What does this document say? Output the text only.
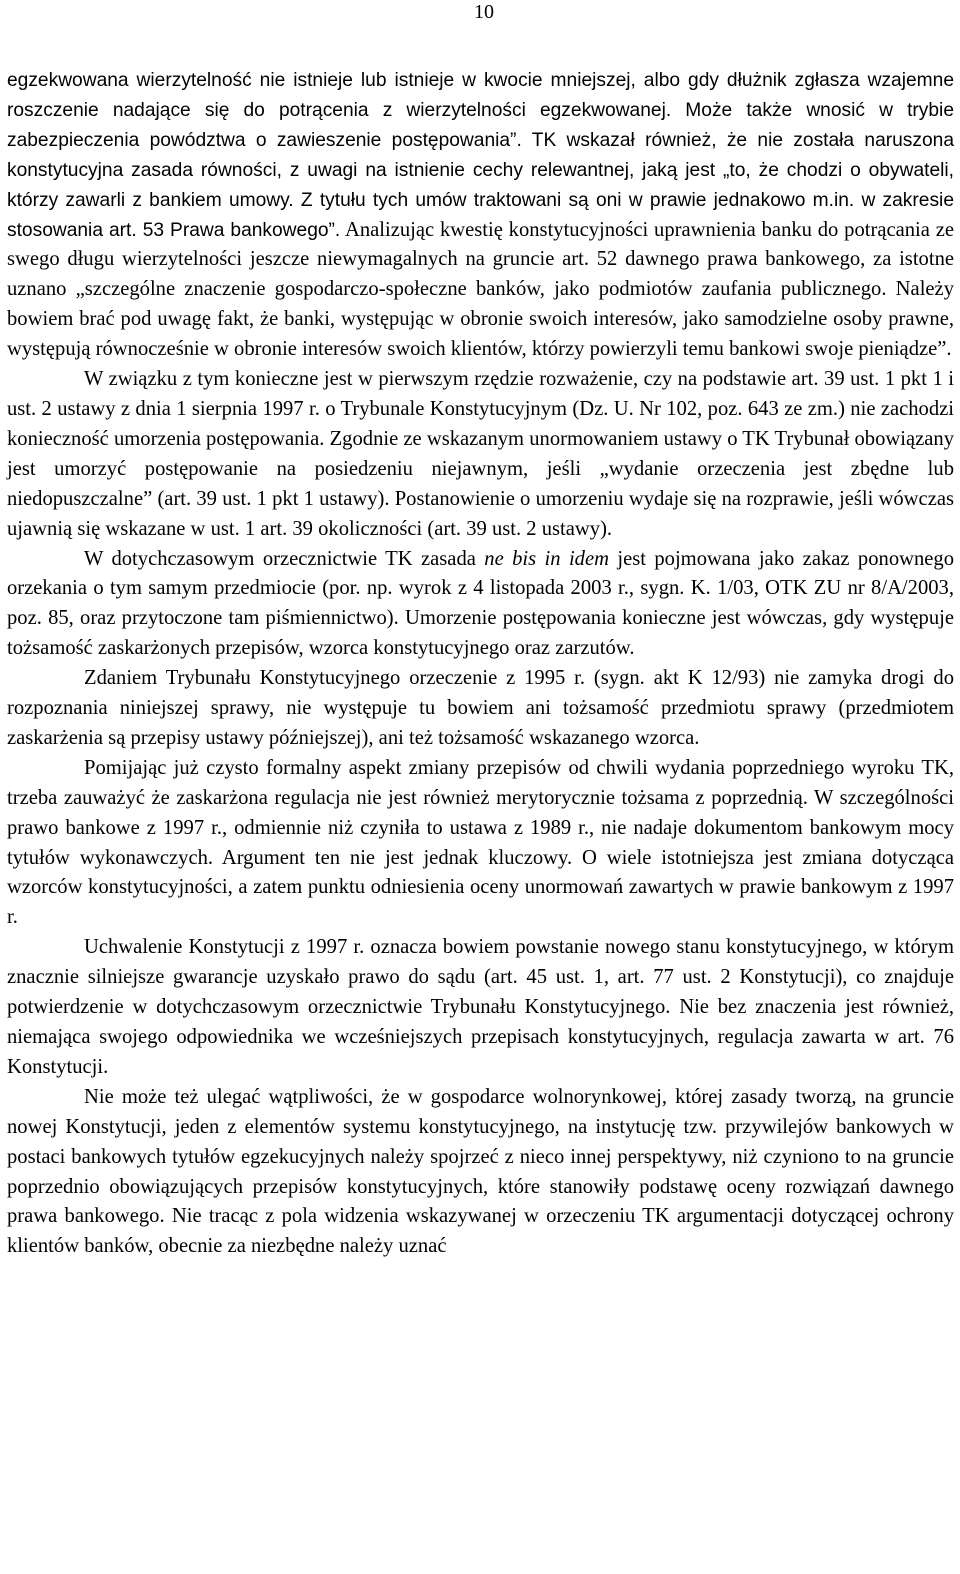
10

egzekwowana wierzytelność nie istnieje lub istnieje w kwocie mniejszej, albo gdy dłużnik zgłasza wzajemne roszczenie nadające się do potrącenia z wierzytelności egzekwowanej. Może także wnosić w trybie zabezpieczenia powództwa o zawieszenie postępowania”. TK wskazał również, że nie została naruszona konstytucyjna zasada równości, z uwagi na istnienie cechy relewantnej, jaką jest „to, że chodzi o obywateli, którzy zawarli z bankiem umowy. Z tytułu tych umów traktowani są oni w prawie jednakowo m.in. w zakresie stosowania art. 53 Prawa bankowego”. Analizując kwestię konstytucyjności uprawnienia banku do potrącania ze swego długu wierzytelności jeszcze niewymagalnych na gruncie art. 52 dawnego prawa bankowego, za istotne uznano „szczególne znaczenie gospodarczo-społeczne banków, jako podmiotów zaufania publicznego. Należy bowiem brać pod uwagę fakt, że banki, występując w obronie swoich interesów, jako samodzielne osoby prawne, występują równocześnie w obronie interesów swoich klientów, którzy powierzyli temu bankowi swoje pieniądze”.

W związku z tym konieczne jest w pierwszym rzędzie rozważenie, czy na podstawie art. 39 ust. 1 pkt 1 i ust. 2 ustawy z dnia 1 sierpnia 1997 r. o Trybunale Konstytucyjnym (Dz. U. Nr 102, poz. 643 ze zm.) nie zachodzi konieczność umorzenia postępowania. Zgodnie ze wskazanym unormowaniem ustawy o TK Trybunał obowiązany jest umorzyć postępowanie na posiedzeniu niejawnym, jeśli „wydanie orzeczenia jest zbędne lub niedopuszczalne” (art. 39 ust. 1 pkt 1 ustawy). Postanowienie o umorzeniu wydaje się na rozprawie, jeśli wówczas ujawnią się wskazane w ust. 1 art. 39 okoliczności (art. 39 ust. 2 ustawy).

W dotychczasowym orzecznictwie TK zasada ne bis in idem jest pojmowana jako zakaz ponownego orzekania o tym samym przedmiocie (por. np. wyrok z 4 listopada 2003 r., sygn. K. 1/03, OTK ZU nr 8/A/2003, poz. 85, oraz przytoczone tam piśmiennictwo). Umorzenie postępowania konieczne jest wówczas, gdy występuje tożsamość zaskarżonych przepisów, wzorca konstytucyjnego oraz zarzutów.

Zdaniem Trybunału Konstytucyjnego orzeczenie z 1995 r. (sygn. akt K 12/93) nie zamyka drogi do rozpoznania niniejszej sprawy, nie występuje tu bowiem ani tożsamość przedmiotu sprawy (przedmiotem zaskarżenia są przepisy ustawy późniejszej), ani też tożsamość wskazanego wzorca.

Pomijając już czysto formalny aspekt zmiany przepisów od chwili wydania poprzedniego wyroku TK, trzeba zauważyć że zaskarżona regulacja nie jest również merytorycznie tożsama z poprzednią. W szczególności prawo bankowe z 1997 r., odmiennie niż czyniła to ustawa z 1989 r., nie nadaje dokumentom bankowym mocy tytułów wykonawczych. Argument ten nie jest jednak kluczowy. O wiele istotniejsza jest zmiana dotycząca wzorców konstytucyjności, a zatem punktu odniesienia oceny unormowań zawartych w prawie bankowym z 1997 r.

Uchwalenie Konstytucji z 1997 r. oznacza bowiem powstanie nowego stanu konstytucyjnego, w którym znacznie silniejsze gwarancje uzyskało prawo do sądu (art. 45 ust. 1, art. 77 ust. 2 Konstytucji), co znajduje potwierdzenie w dotychczasowym orzecznictwie Trybunału Konstytucyjnego. Nie bez znaczenia jest również, niemająca swojego odpowiednika we wcześniejszych przepisach konstytucyjnych, regulacja zawarta w art. 76 Konstytucji.

Nie może też ulegać wątpliwości, że w gospodarce wolnorynkowej, której zasady tworzą, na gruncie nowej Konstytucji, jeden z elementów systemu konstytucyjnego, na instytucję tzw. przywilejów bankowych w postaci bankowych tytułów egzekucyjnych należy spojrzeć z nieco innej perspektywy, niż czyniono to na gruncie poprzednio obowiązujących przepisów konstytucyjnych, które stanowiły podstawę oceny rozwiązań dawnego prawa bankowego. Nie tracąc z pola widzenia wskazywanej w orzeczeniu TK argumentacji dotyczącej ochrony klientów banków, obecnie za niezbędne należy uznać
